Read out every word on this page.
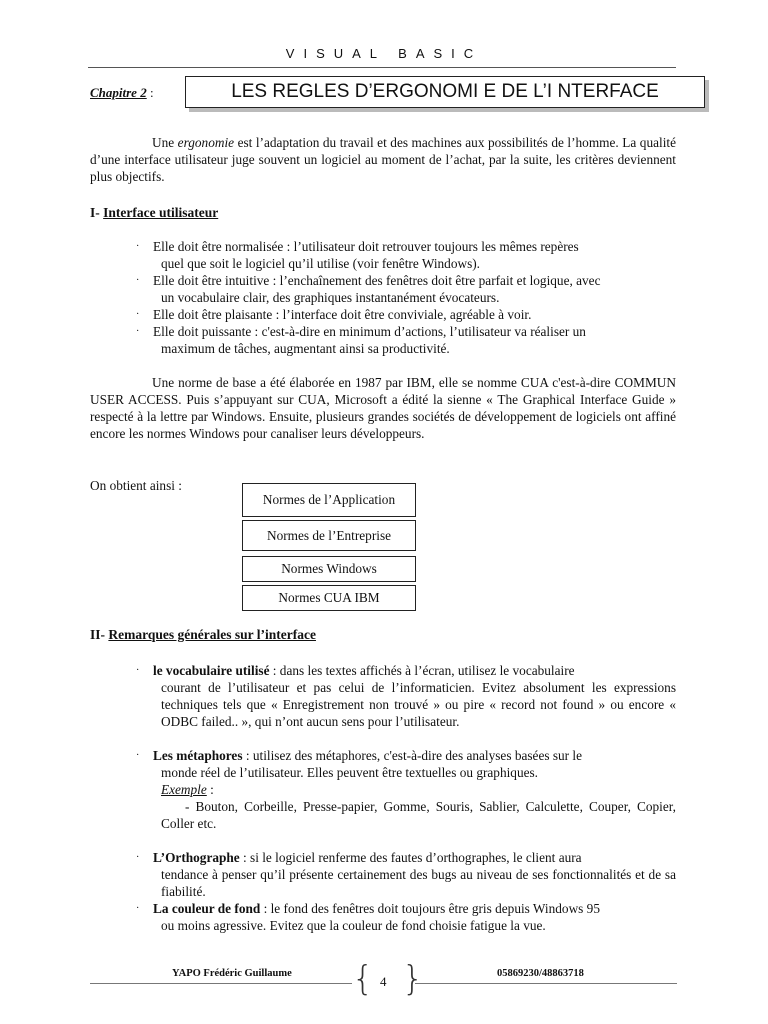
VISUAL BASIC
Chapitre 2 :	LES REGLES D’ERGONOMI E DE L’I NTERFACE
Une ergonomie est l’adaptation du travail et des machines aux possibilités de l’homme. La qualité d’une interface utilisateur juge souvent un logiciel au moment de l’achat, par la suite, les critères deviennent plus objectifs.
I- Interface utilisateur
·	Elle doit être normalisée : l’utilisateur doit retrouver toujours les mêmes repères
quel que soit le logiciel qu’il utilise (voir fenêtre Windows).
·	Elle doit être intuitive : l’enchaînement des fenêtres doit être parfait et logique, avec
un vocabulaire clair, des graphiques instantanément évocateurs.
·	Elle doit être plaisante : l’interface doit être conviviale, agréable à voir.
·	Elle doit puissante : c'est-à-dire en minimum d’actions, l’utilisateur va réaliser un
maximum de tâches, augmentant ainsi sa productivité.
Une norme de base a été élaborée en 1987 par IBM, elle se nomme CUA c'est-à-dire COMMUN USER ACCESS. Puis s’appuyant sur CUA, Microsoft a édité la sienne « The Graphical Interface Guide » respecté à la lettre par Windows. Ensuite, plusieurs grandes sociétés de développement de logiciels ont affiné encore les normes Windows pour canaliser leurs développeurs.
On obtient ainsi :
Normes de l’Application
Normes de l’Entreprise
Normes Windows
Normes CUA IBM
II- Remarques générales sur l’interface
·	le vocabulaire utilisé : dans les textes affichés à l’écran, utilisez le vocabulaire
courant de l’utilisateur et pas celui de l’informaticien. Evitez absolument les expressions techniques tels que « Enregistrement non trouvé » ou pire « record not found » ou encore « ODBC failed.. », qui n’ont aucun sens pour l’utilisateur.
·	Les métaphores : utilisez des métaphores, c'est-à-dire des analyses basées sur le
monde réel de l’utilisateur. Elles peuvent être textuelles ou graphiques.
Exemple :
- Bouton, Corbeille, Presse-papier, Gomme, Souris, Sablier, Calculette, Couper, Copier, Coller etc.
·	L’Orthographe : si le logiciel renferme des fautes d’orthographes, le client aura
tendance à penser qu’il présente certainement des bugs au niveau de ses fonctionnalités et de sa fiabilité.
·	La couleur de fond : le fond des fenêtres doit toujours être gris depuis Windows 95
ou moins agressive. Evitez que la couleur de fond choisie fatigue la vue.
YAPO Frédéric Guillaume	05869230/48863718
{ }
4
